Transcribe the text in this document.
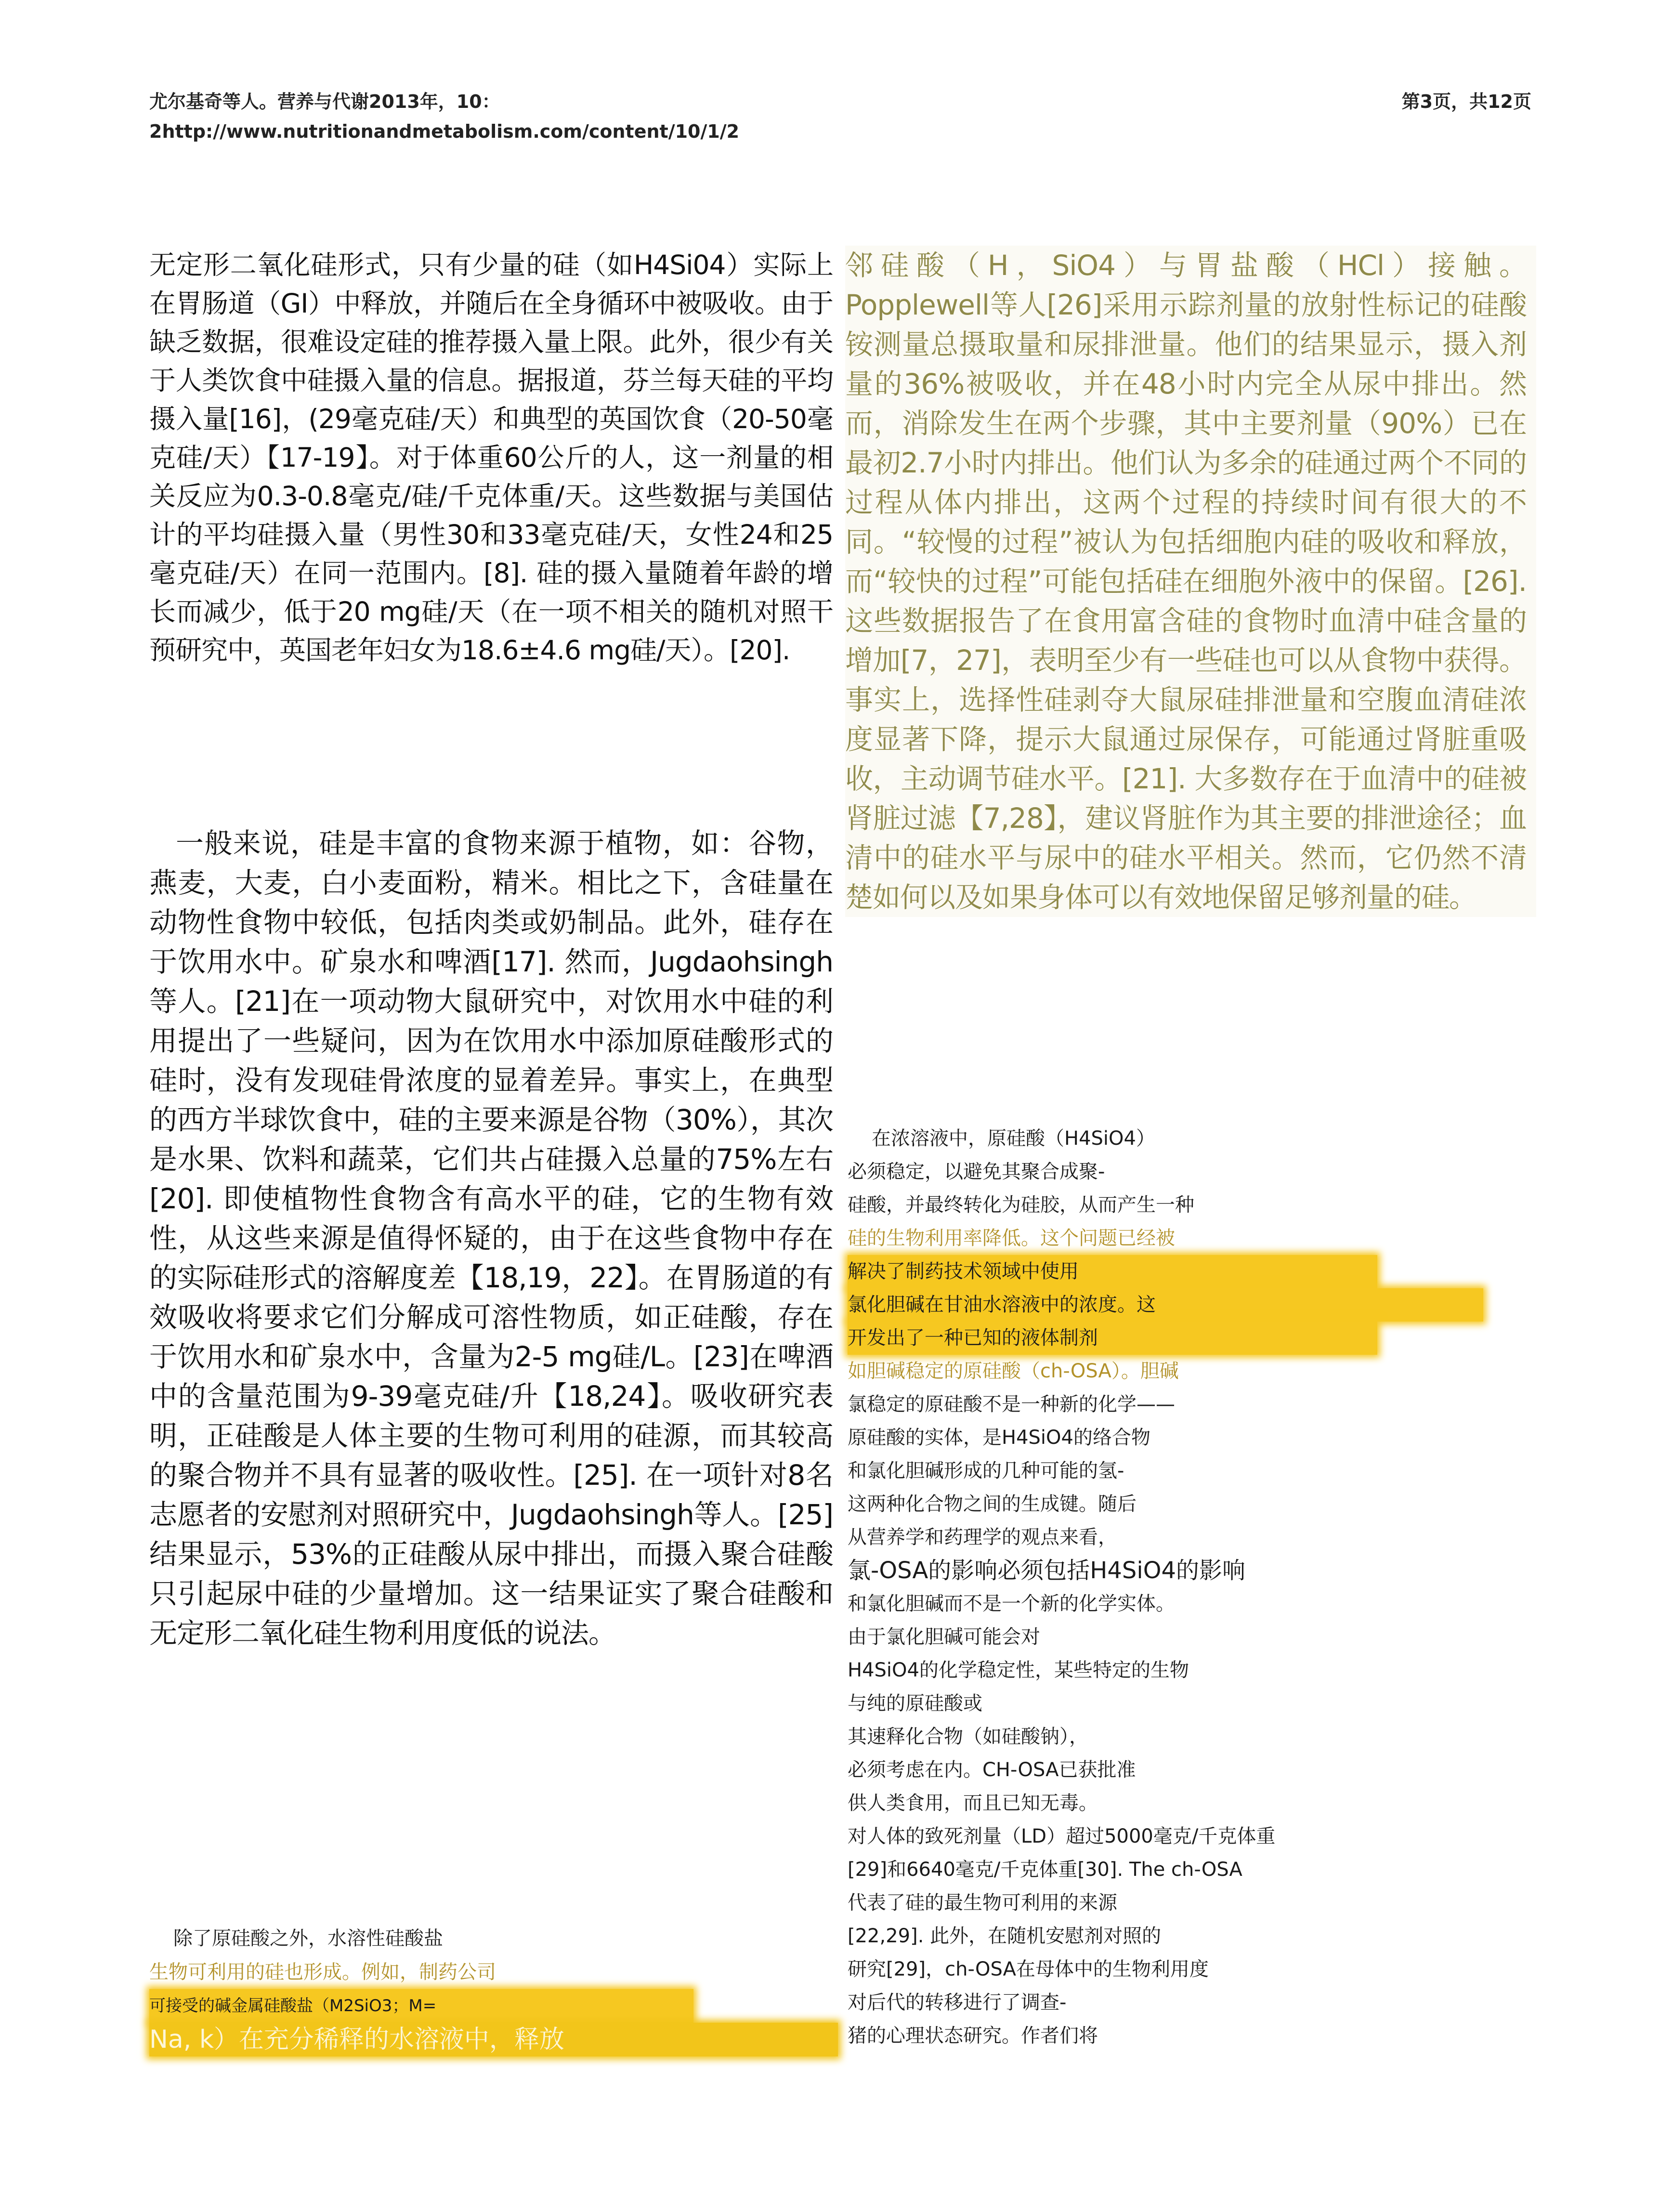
尤尔基奇等人。营养与代谢2013年，10：2http://www.nutritionandmetabolism.com/content/10/1/2
第3页，共12页

无定形二氧化硅形式，只有少量的硅（如H4Si04）实际上在胃肠道（GI）中释放，并随后在全身循环中被吸收。由于缺乏数据，很难设定硅的推荐摄入量上限。此外，很少有关于人类饮食中硅摄入量的信息。据报道，芬兰每天硅的平均摄入量[16]，(29毫克硅/天）和典型的英国饮食（20-50毫克硅/天）【17-19】。对于体重60公斤的人，这一剂量的相关反应为0.3-0.8毫克/硅/千克体重/天。这些数据与美国估计的平均硅摄入量（男性30和33毫克硅/天，女性24和25毫克硅/天）在同一范围内。[8]. 硅的摄入量随着年龄的增长而减少，低于20 mg硅/天（在一项不相关的随机对照干预研究中，英国老年妇女为18.6±4.6 mg硅/天）。[20].

一般来说，硅是丰富的食物来源于植物，如：谷物，燕麦，大麦，白小麦面粉，精米。相比之下，含硅量在动物性食物中较低，包括肉类或奶制品。此外，硅存在于饮用水中。矿泉水和啤酒[17]. 然而，Jugdaohsingh等人。[21]在一项动物大鼠研究中，对饮用水中硅的利用提出了一些疑问，因为在饮用水中添加原硅酸形式的硅时，没有发现硅骨浓度的显着差异。事实上，在典型的西方半球饮食中，硅的主要来源是谷物（30%），其次是水果、饮料和蔬菜，它们共占硅摄入总量的75%左右[20]. 即使植物性食物含有高水平的硅，它的生物有效性，从这些来源是值得怀疑的，由于在这些食物中存在的实际硅形式的溶解度差【18,19，22】。在胃肠道的有效吸收将要求它们分解成可溶性物质，如正硅酸，存在于饮用水和矿泉水中，含量为2-5 mg硅/L。[23]在啤酒中的含量范围为9-39毫克硅/升【18,24】。吸收研究表明，正硅酸是人体主要的生物可利用的硅源，而其较高的聚合物并不具有显著的吸收性。[25]. 在一项针对8名志愿者的安慰剂对照研究中，Jugdaohsingh等人。[25]结果显示，53%的正硅酸从尿中排出，而摄入聚合硅酸只引起尿中硅的少量增加。这一结果证实了聚合硅酸和无定形二氧化硅生物利用度低的说法。

邻硅酸（H，SiO4）与胃盐酸（HCl）接触。Popplewell等人[26]采用示踪剂量的放射性标记的硅酸铵测量总摄取量和尿排泄量。他们的结果显示，摄入剂量的36%被吸收，并在48小时内完全从尿中排出。然而，消除发生在两个步骤，其中主要剂量（90%）已在最初2.7小时内排出。他们认为多余的硅通过两个不同的过程从体内排出，这两个过程的持续时间有很大的不同。“较慢的过程”被认为包括细胞内硅的吸收和释放，而“较快的过程”可能包括硅在细胞外液中的保留。[26]. 这些数据报告了在食用富含硅的食物时血清中硅含量的增加[7，27]，表明至少有一些硅也可以从食物中获得。事实上，选择性硅剥夺大鼠尿硅排泄量和空腹血清硅浓度显著下降，提示大鼠通过尿保存，可能通过肾脏重吸收，主动调节硅水平。[21]. 大多数存在于血清中的硅被肾脏过滤【7,28】，建议肾脏作为其主要的排泄途径；血清中的硅水平与尿中的硅水平相关。然而，它仍然不清楚如何以及如果身体可以有效地保留足够剂量的硅。

在浓溶液中，原硅酸（H4SiO4）
必须稳定，以避免其聚合成聚-
硅酸，并最终转化为硅胶，从而产生一种
硅的生物利用率降低。这个问题已经被
解决了制药技术领域中使用
氯化胆碱在甘油水溶液中的浓度。这
开发出了一种已知的液体制剂
如胆碱稳定的原硅酸（ch-OSA）。胆碱
氯稳定的原硅酸不是一种新的化学——
原硅酸的实体，是H4SiO4的络合物
和氯化胆碱形成的几种可能的氢-
这两种化合物之间的生成键。随后
从营养学和药理学的观点来看，
氯-OSA的影响必须包括H4SiO4的影响
和氯化胆碱而不是一个新的化学实体。
由于氯化胆碱可能会对
H4SiO4的化学稳定性，某些特定的生物
与纯的原硅酸或
其速释化合物（如硅酸钠），
必须考虑在内。CH-OSA已获批准
供人类食用，而且已知无毒。
对人体的致死剂量（LD）超过5000毫克/千克体重
[29]和6640毫克/千克体重[30]. The ch-OSA
代表了硅的最生物可利用的来源
[22,29]. 此外，在随机安慰剂对照的
研究[29]，ch-OSA在母体中的生物利用度
对后代的转移进行了调查-
猪的心理状态研究。作者们将
除了原硅酸之外，水溶性硅酸盐
生物可利用的硅也形成。例如，制药公司
可接受的碱金属硅酸盐（M2SiO3；M=
Na, k）在充分稀释的水溶液中，释放
